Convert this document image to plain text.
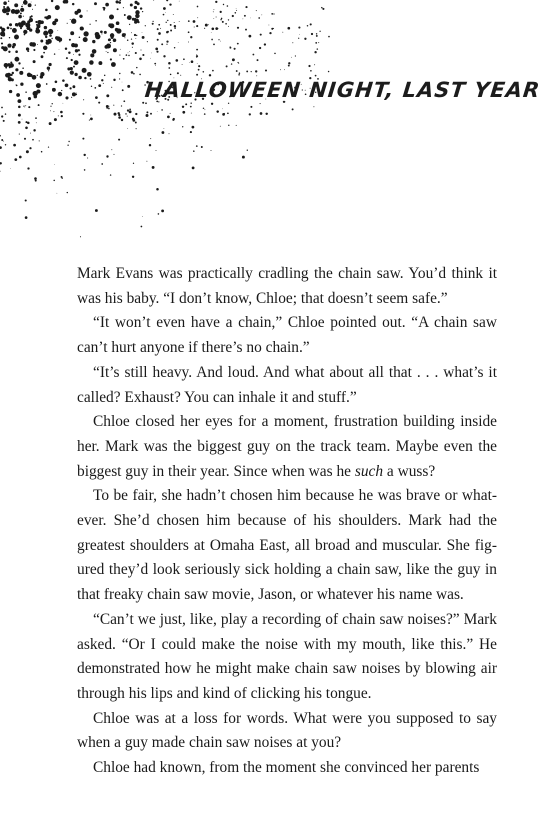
HALLOWEEN NIGHT, LAST YEAR

Mark Evans was practically cradling the chain saw. You’d think it was his baby. “I don’t know, Chloe; that doesn’t seem safe.”

“It won’t even have a chain,” Chloe pointed out. “A chain saw can’t hurt anyone if there’s no chain.”

“It’s still heavy. And loud. And what about all that . . . what’s it called? Exhaust? You can inhale it and stuff.”

Chloe closed her eyes for a moment, frustration building inside her. Mark was the biggest guy on the track team. Maybe even the biggest guy in their year. Since when was he such a wuss?

To be fair, she hadn’t chosen him because he was brave or whatever. She’d chosen him because of his shoulders. Mark had the greatest shoulders at Omaha East, all broad and muscular. She figured they’d look seriously sick holding a chain saw, like the guy in that freaky chain saw movie, Jason, or whatever his name was.

“Can’t we just, like, play a recording of chain saw noises?” Mark asked. “Or I could make the noise with my mouth, like this.” He demonstrated how he might make chain saw noises by blowing air through his lips and kind of clicking his tongue.

Chloe was at a loss for words. What were you supposed to say when a guy made chain saw noises at you?

Chloe had known, from the moment she convinced her parents
